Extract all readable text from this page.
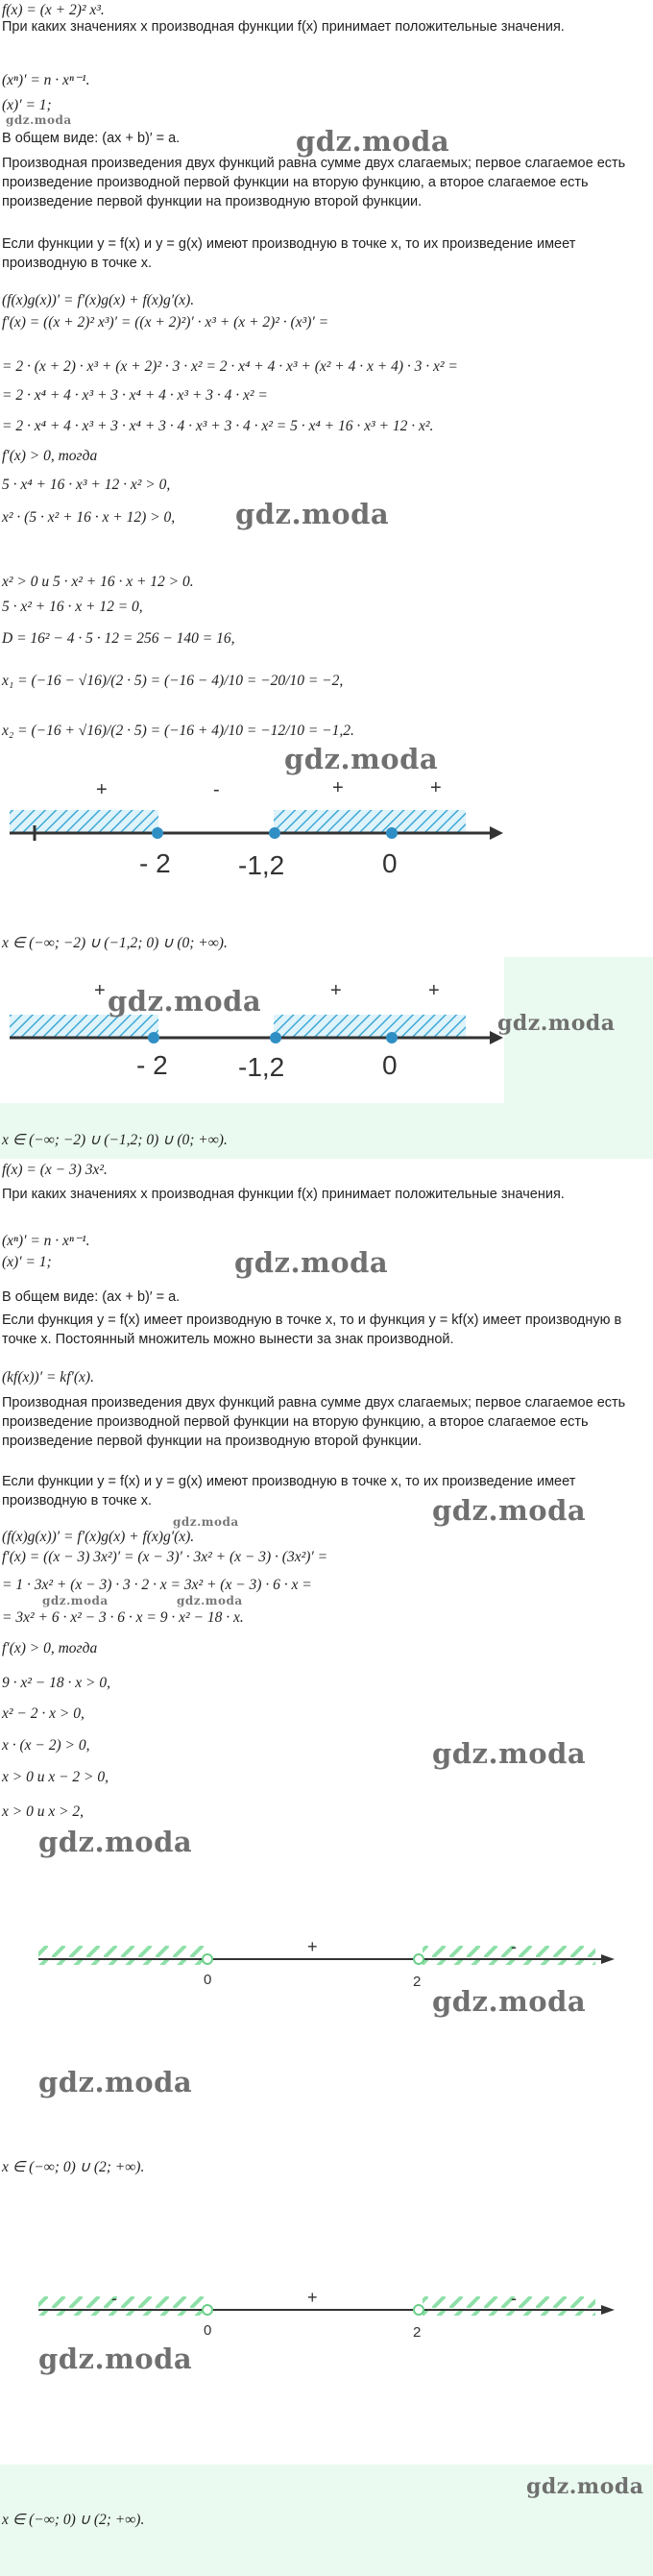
f(x) = (x + 2)² x³.
При каких значениях x производная функции f(x) принимает положительные значения.
(xⁿ)′ = n · xⁿ⁻¹.
(x)′ = 1;
gdz.moda
В общем виде: (ax + b)′ = a.	gdz.moda
Производная произведения двух функций равна сумме двух слагаемых; первое слагаемое есть произведение производной первой функции на вторую функцию, а второе слагаемое есть произведение первой функции на производную второй функции.
Если функции y = f(x) и y = g(x) имеют производную в точке x, то их произведение имеет производную в точке x.
(f(x)g(x))′ = f′(x)g(x) + f(x)g′(x).
f′(x) = ((x + 2)² x³)′ = ((x + 2)²)′ · x³ + (x + 2)² · (x³)′ =
= 2 · (x + 2) · x³ + (x + 2)² · 3 · x² = 2 · x⁴ + 4 · x³ + (x² + 4 · x + 4) · 3 · x² =
= 2 · x⁴ + 4 · x³ + 3 · x⁴ + 4 · x³ + 3 · 4 · x² =
= 2 · x⁴ + 4 · x³ + 3 · x⁴ + 3 · 4 · x³ + 3 · 4 · x² = 5 · x⁴ + 16 · x³ + 12 · x².
f′(x) > 0, тогда
5 · x⁴ + 16 · x³ + 12 · x² > 0,
x² · (5 · x² + 16 · x + 12) > 0, gdz.moda
x² > 0 и 5 · x² + 16 · x + 12 > 0.
5 · x² + 16 · x + 12 = 0,
D = 16² − 4 · 5 · 12 = 256 − 140 = 16,
x₁ = (−16 − √16)/(2 · 5) = (−16 − 4)/10 = −20/10 = −2,
x₂ = (−16 + √16)/(2 · 5) = (−16 + 4)/10 = −12/10 = −1,2.
gdz.moda
- 2	-1,2	0
+	-	+	+
x ∈ (−∞; −2) ∪ (−1,2; 0) ∪ (0; +∞).
- 2	-1,2	0
+	+	+
gdz.moda
gdz.moda
x ∈ (−∞; −2) ∪ (−1,2; 0) ∪ (0; +∞).
f(x) = (x − 3) 3x².
При каких значениях x производная функции f(x) принимает положительные значения.
(xⁿ)′ = n · xⁿ⁻¹.
(x)′ = 1;	gdz.moda
В общем виде: (ax + b)′ = a.
Если функция y = f(x) имеет производную в точке x, то и функция y = kf(x) имеет производную в точке x. Постоянный множитель можно вынести за знак производной.
(kf(x))′ = kf′(x).
Производная произведения двух функций равна сумме двух слагаемых; первое слагаемое есть произведение производной первой функции на вторую функцию, а второе слагаемое есть произведение первой функции на производную второй функции.
Если функции y = f(x) и y = g(x) имеют производную в точке x, то их произведение имеет производную в точке x.	gdz.moda
gdz.moda
(f(x)g(x))′ = f′(x)g(x) + f(x)g′(x).
f′(x) = ((x − 3) 3x²)′ = (x − 3)′ · 3x² + (x − 3) · (3x²)′ =
= 1 · 3x² + (x − 3) · 3 · 2 · x = 3x² + (x − 3) · 6 · x =
gdz.moda	gdz.moda
= 3x² + 6 · x² − 3 · 6 · x = 9 · x² − 18 · x.
f′(x) > 0, тогда
9 · x² − 18 · x > 0,
x² − 2 · x > 0,
x · (x − 2) > 0,	gdz.moda
x > 0 и x − 2 > 0,
x > 0 и x > 2,
gdz.moda
0	2
+	-
gdz.moda
gdz.moda
x ∈ (−∞; 0) ∪ (2; +∞).
0	2
-	+	-
gdz.moda
gdz.moda
x ∈ (−∞; 0) ∪ (2; +∞).
